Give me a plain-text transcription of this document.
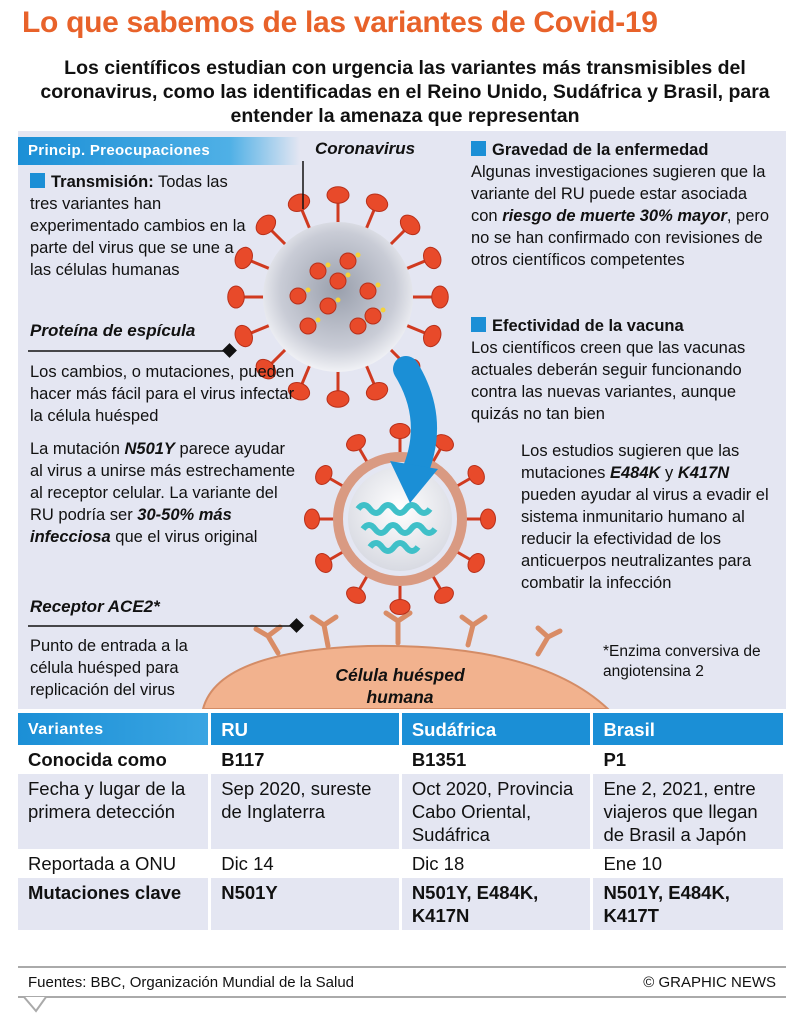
Lo que sabemos de las variantes de Covid-19
Los científicos estudian con urgencia las variantes más transmisibles del coronavirus, como las identificadas en el Reino Unido, Sudáfrica y Brasil, para entender la amenaza que representan
Princip. Preocupaciones	Coronavirus
Transmisión: Todas las tres variantes han experimentado cambios en la parte del virus que se une a las células humanas
Proteína de espícula
Los cambios, o mutaciones, pueden hacer más fácil para el virus infectar la célula huésped
La mutación N501Y parece ayudar al virus a unirse más estrechamente al receptor celular. La variante del RU podría ser 30-50% más infecciosa que el virus original
Receptor ACE2*
Punto de entrada a la célula huésped para replicación del virus
Célula huésped
humana
Gravedad de la enfermedad
Algunas investigaciones sugieren que la variante del RU puede estar asociada con riesgo de muerte 30% mayor, pero no se han confirmado con revisiones de otros científicos competentes
Efectividad de la vacuna
Los científicos creen que las vacunas actuales deberán seguir funcionando contra las nuevas variantes, aunque quizás no tan bien
Los estudios sugieren que las mutaciones E484K y K417N pueden ayudar al virus a evadir el sistema inmunitario humano al reducir la efectividad de los anticuerpos neutralizantes para combatir la infección
*Enzima conversiva de angiotensina 2
Variantes	RU	Sudáfrica	Brasil
Conocida como	B117	B1351	P1
Fecha y lugar de la primera detección	Sep 2020, sureste de Inglaterra	Oct 2020, Provincia Cabo Oriental, Sudáfrica	Ene 2, 2021, entre viajeros que llegan de Brasil a Japón
Reportada a ONU	Dic 14	Dic 18	Ene 10
Mutaciones clave	N501Y	N501Y, E484K, K417N	N501Y, E484K, K417T
Fuentes: BBC, Organización Mundial de la Salud	© GRAPHIC NEWS
